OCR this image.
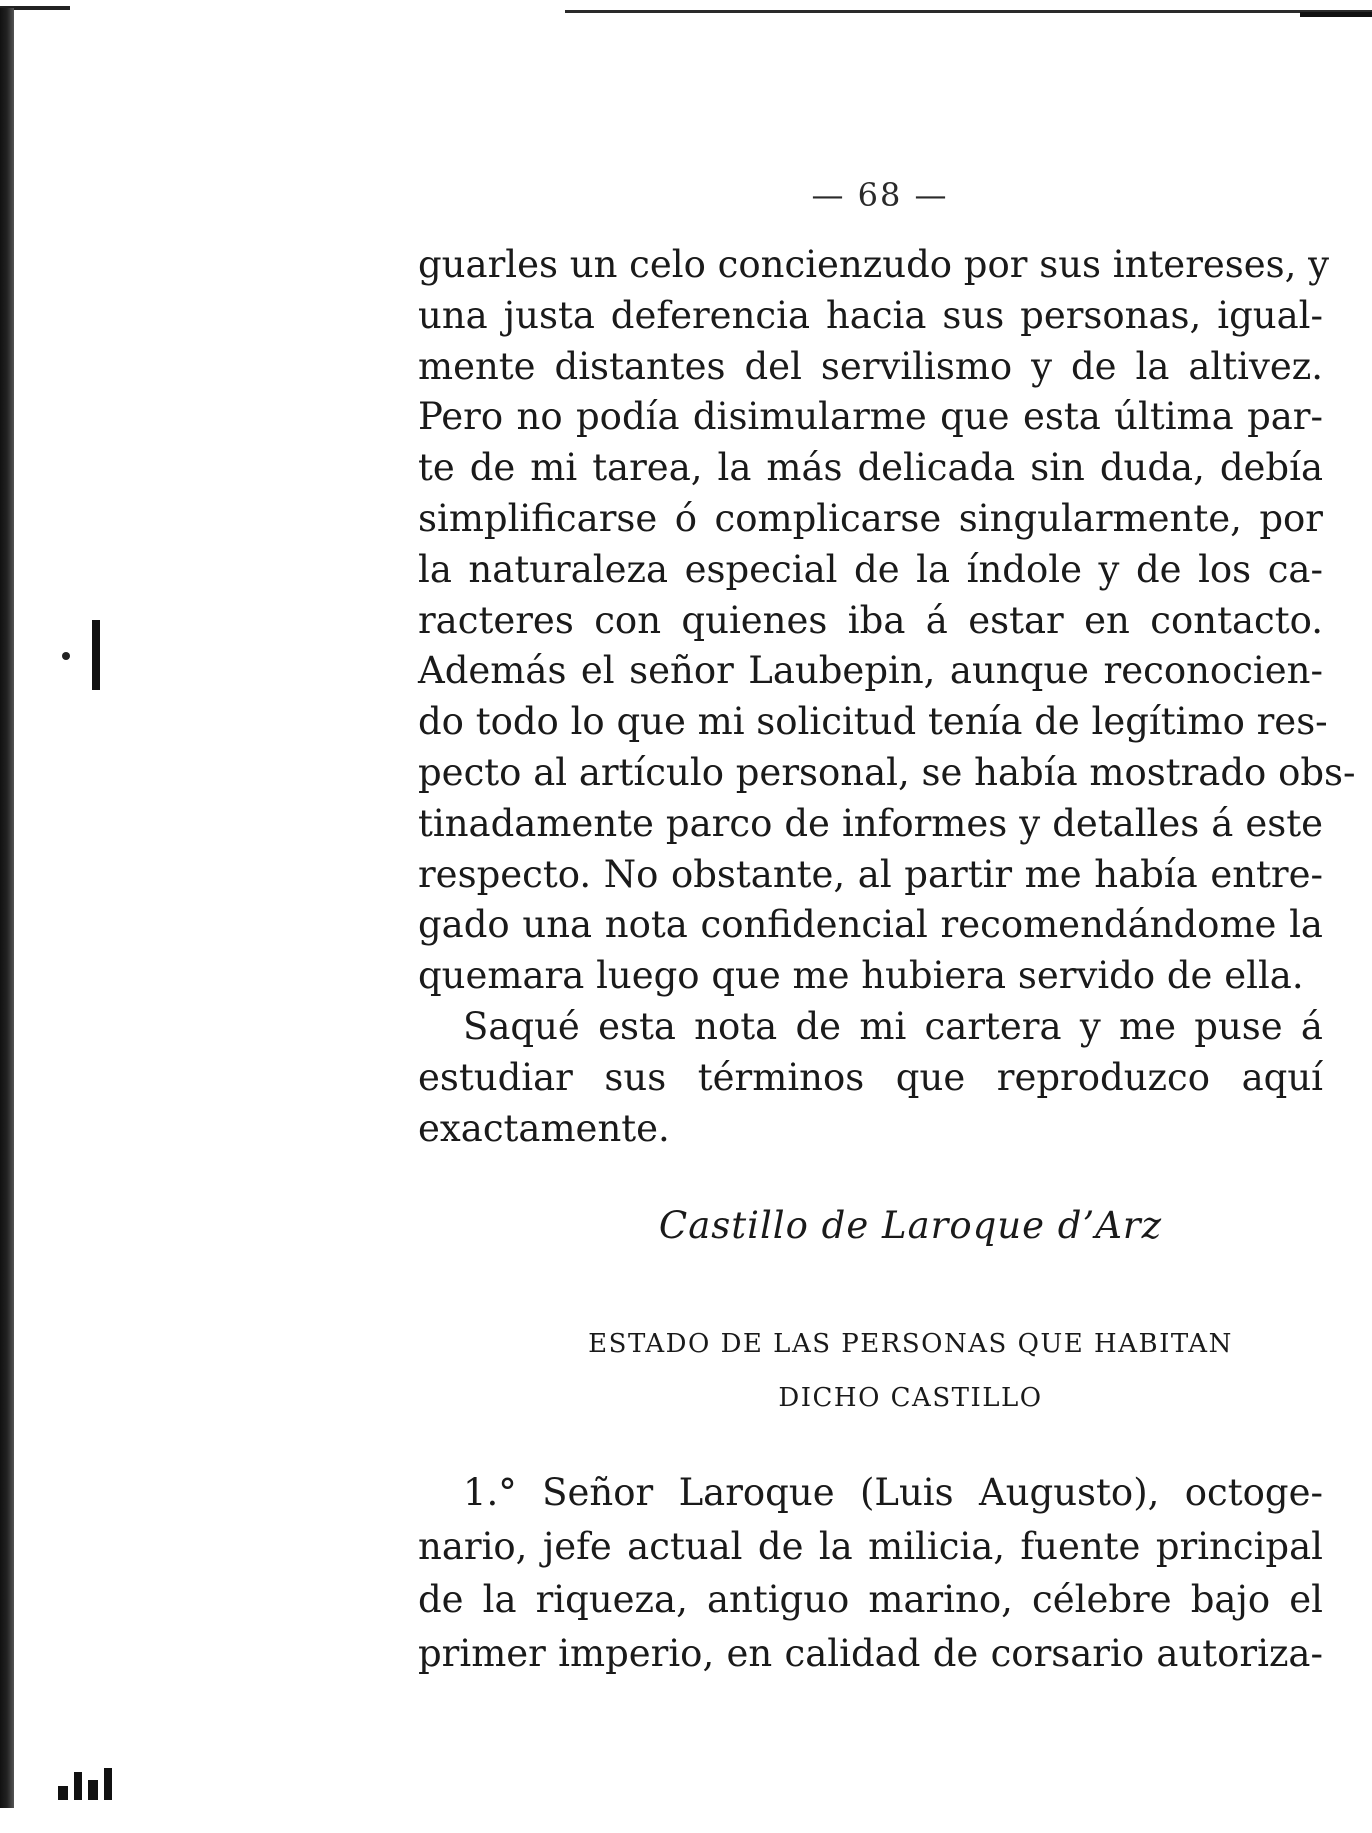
— 68 —
guarles un celo concienzudo por sus intereses, y
una justa deferencia hacia sus personas, igual-
mente distantes del servilismo y de la altivez.
Pero no podía disimularme que esta última par-
te de mi tarea, la más delicada sin duda, debía
simplificarse ó complicarse singularmente, por
la naturaleza especial de la índole y de los ca-
racteres con quienes iba á estar en contacto.
Además el señor Laubepin, aunque reconocien-
do todo lo que mi solicitud tenía de legítimo res-
pecto al artículo personal, se había mostrado obs-
tinadamente parco de informes y detalles á este
respecto. No obstante, al partir me había entre-
gado una nota confidencial recomendándome la
quemara luego que me hubiera servido de ella.
Saqué esta nota de mi cartera y me puse á
estudiar sus términos que reproduzco aquí
exactamente.
Castillo de Laroque d’Arz
ESTADO DE LAS PERSONAS QUE HABITAN
DICHO CASTILLO
1.° Señor Laroque (Luis Augusto), octoge-
nario, jefe actual de la milicia, fuente principal
de la riqueza, antiguo marino, célebre bajo el
primer imperio, en calidad de corsario autoriza-
